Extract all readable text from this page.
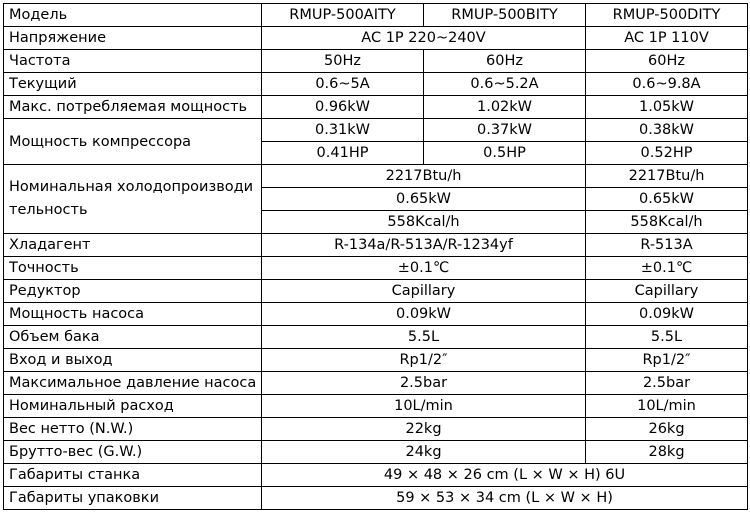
Модель	RMUP-500AITY	RMUP-500BITY	RMUP-500DITY
Напряжение	AC 1P 220~240V		AC 1P 110V
Частота	50Hz	60Hz	60Hz
Текущий	0.6~5A	0.6~5.2A	0.6~9.8A
Макс. потребляемая мощность	0.96kW	1.02kW	1.05kW
Мощность компрессора	0.31kW	0.37kW	0.38kW
	0.41HP	0.5HP	0.52HP
Номинальная холодопроизводительность	2217Btu/h		2217Btu/h
	0.65kW		0.65kW
	558Kcal/h		558Kcal/h
Хладагент	R-134a/R-513A/R-1234yf		R-513A
Точность	±0.1℃		±0.1℃
Редуктор	Capillary		Capillary
Мощность насоса	0.09kW		0.09kW
Объем бака	5.5L		5.5L
Вход и выход	Rp1/2″		Rp1/2″
Максимальное давление насоса	2.5bar		2.5bar
Номинальный расход	10L/min		10L/min
Вес нетто (N.W.)	22kg		26kg
Брутто-вес (G.W.)	24kg		28kg
Габариты станка	49 × 48 × 26 cm (L × W × H) 6U		
Габариты упаковки	59 × 53 × 34 cm (L × W × H)		
